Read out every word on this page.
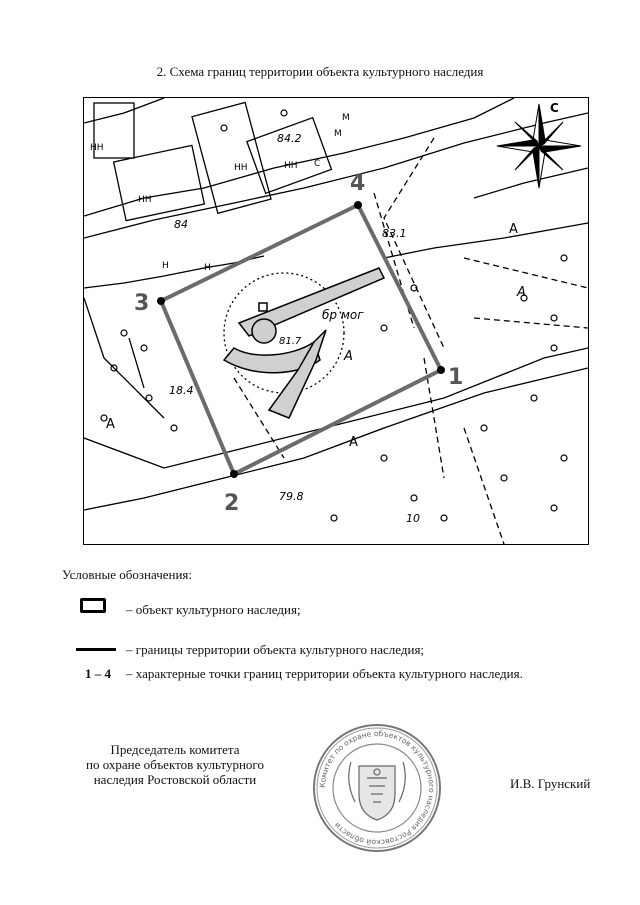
2. Схема границ территории объекта культурного наследия
С
1
2
3
4
84.2
84
83.1
81.7
18.4
79.8
10
А
А
А
А
А
бр мог
М
М
НН
Н	Н
НН
НН
НН	С
Условные обозначения:
– объект культурного наследия;
– границы территории объекта культурного наследия;
1 – 4	– характерные точки границ территории объекта культурного наследия.
Председатель комитета
по охране объектов культурного
наследия Ростовской области	Комитет по охране объектов культурного наследия Ростовской области
И.В. Грунский
